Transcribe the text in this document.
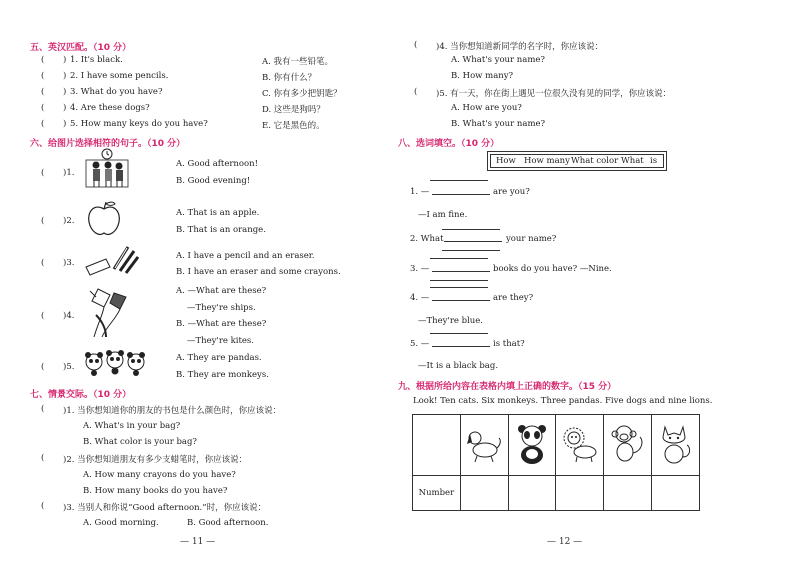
五、英汉匹配。（10 分）
( ) 1. It's black.	A. 我有一些铅笔。
( ) 2. I have some pencils.	B. 你有什么？
( ) 3. What do you have?	C. 你有多少把钥匙？
( ) 4. Are these dogs?	D. 这些是狗吗？
( ) 5. How many keys do you have?	E. 它是黑色的。
六、给图片选择相符的句子。（10 分）
( )1.
A. Good afternoon!
B. Good evening!
( )2.
A. That is an apple.
B. That is an orange.
( )3.
A. I have a pencil and an eraser.
B. I have an eraser and some crayons.
( )4.
A. —What are these?
—They're ships.
B. —What are these?
—They're kites.
( )5.
A. They are pandas.
B. They are monkeys.
七、情景交际。（10 分）
( )1. 当你想知道你的朋友的书包是什么颜色时，你应该说：
A. What's in your bag?
B. What color is your bag?
( )2. 当你想知道朋友有多少支蜡笔时，你应该说：
A. How many crayons do you have?
B. How many books do you have?
( )3. 当别人和你说“Good afternoon.”时，你应该说：
A. Good morning.	B. Good afternoon.
— 11 —
( )4. 当你想知道新同学的名字时，你应该说：
A. What's your name?
B. How many?
( )5. 有一天，你在街上遇见一位很久没有见的同学，你应该说：
A. How are you?
B. What's your name?
八、选词填空。（10 分）
How How many What color What is
1. —	are you?
—I am fine.
2. What	your name?
3. —	books do you have? —Nine.
4. —	are they?
—They're blue.
5. —	is that?
—It is a black bag.
九、根据所给内容在表格内填上正确的数字。（15 分）
Look! Ten cats. Six monkeys. Three pandas. Five dogs and nine lions.

Number					
— 12 —
